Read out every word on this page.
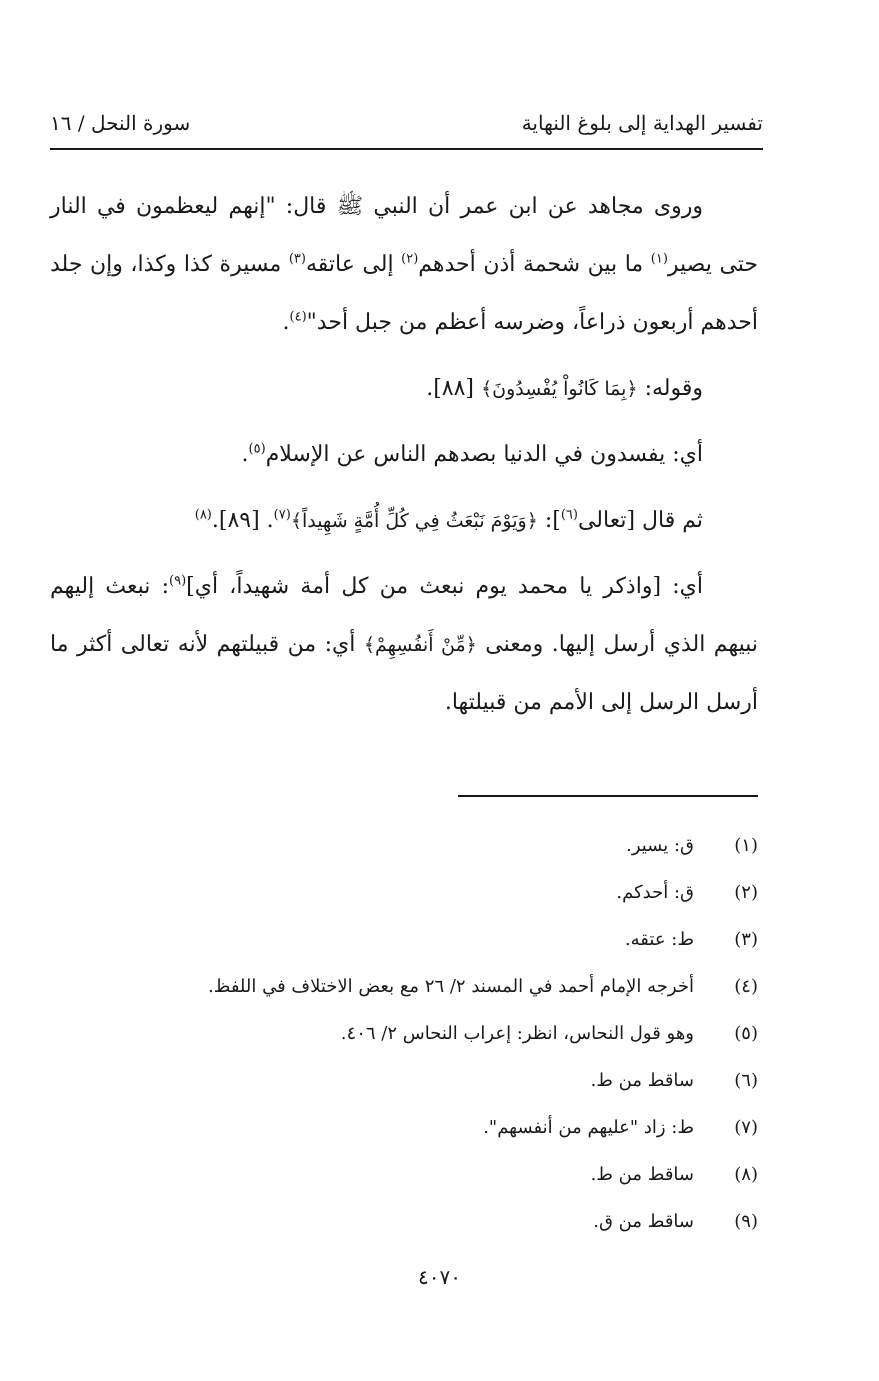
تفسير الهداية إلى بلوغ النهاية
سورة النحل / ١٦

وروى مجاهد عن ابن عمر أن النبي ﷺ قال: "إنهم ليعظمون في النار حتى يصير$^{(١)}$ ما بين شحمة أذن أحدهم$^{(٢)}$ إلى عاتقه$^{(٣)}$ مسيرة كذا وكذا، وإن جلد أحدهم أربعون ذراعاً، وضرسه أعظم من جبل أحد"$^{(٤)}$.

وقوله: ﴿بِمَا كَانُواْ يُفْسِدُونَ﴾ [٨٨].

أي: يفسدون في الدنيا بصدهم الناس عن الإسلام$^{(٥)}$.

ثم قال [تعالى$^{(٦)}$]: ﴿وَيَوْمَ نَبْعَثُ فِي كُلِّ أُمَّةٍ شَهِيداً﴾$^{(٧)}$. [٨٩].$^{(٨)}$

أي: [واذكر يا محمد يوم نبعث من كل أمة شهيداً، أي]$^{(٩)}$: نبعث إليهم نبيهم الذي أرسل إليها. ومعنى ﴿مِّنْ أَنفُسِهِمْ﴾ أي: من قبيلتهم لأنه تعالى أكثر ما أرسل الرسل إلى الأمم من قبيلتها.

(١)
ق: يسير.
(٢)
ق: أحدكم.
(٣)
ط: عتقه.
(٤)
أخرجه الإمام أحمد في المسند ٢/ ٢٦ مع بعض الاختلاف في اللفظ.
(٥)
وهو قول النحاس، انظر: إعراب النحاس ٢/ ٤٠٦.
(٦)
ساقط من ط.
(٧)
ط: زاد "عليهم من أنفسهم".
(٨)
ساقط من ط.
(٩)
ساقط من ق.
٤٠٧٠
